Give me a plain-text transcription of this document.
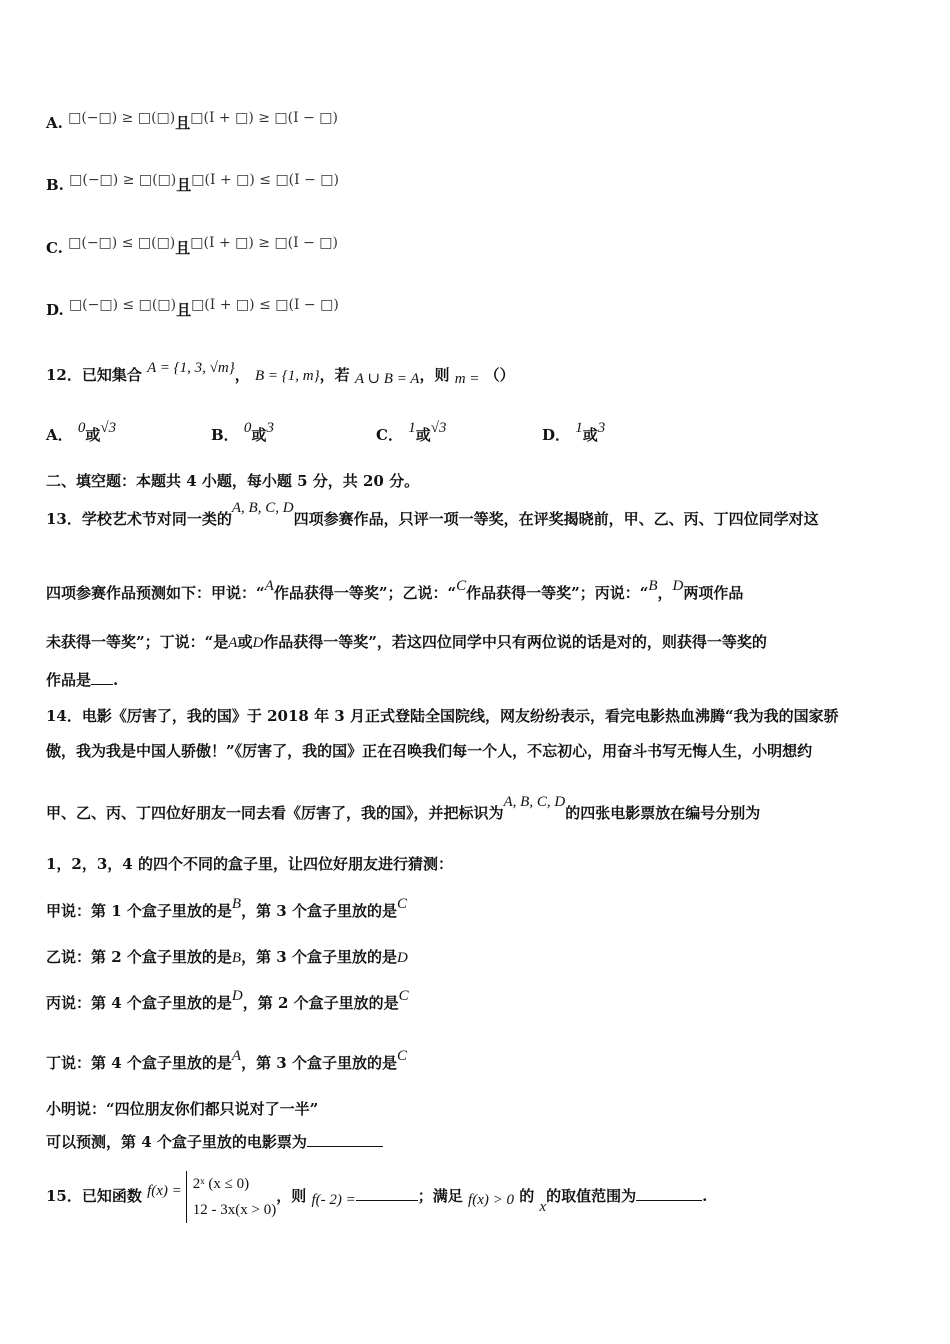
A. □(−□) ≥ □(□)且□(I + □) ≥ □(I − □)
B. □(−□) ≥ □(□)且□(I + □) ≤ □(I − □)
C. □(−□) ≤ □(□)且□(I + □) ≥ □(I − □)
D. □(−□) ≤ □(□)且□(I + □) ≤ □(I − □)
12．已知集合 A = {1, 3, √m}， B = {1, m}，若 A ∪ B = A，则 m = （）
A． 0或√3	B． 0或3	C． 1或√3	D． 1或3
二、填空题：本题共 4 小题，每小题 5 分，共 20 分。
13．学校艺术节对同一类的A, B, C, D四项参赛作品，只评一项一等奖，在评奖揭晓前，甲、乙、丙、丁四位同学对这
四项参赛作品预测如下：甲说：“A作品获得一等奖”；乙说：“C作品获得一等奖”；丙说：“B，D两项作品
未获得一等奖”；丁说：“是A或D作品获得一等奖”，若这四位同学中只有两位说的话是对的，则获得一等奖的
作品是 .
14．电影《厉害了，我的国》于 2018 年 3 月正式登陆全国院线，网友纷纷表示，看完电影热血沸腾“我为我的国家骄
傲，我为我是中国人骄傲！”《厉害了，我的国》正在召唤我们每一个人，不忘初心，用奋斗书写无悔人生，小明想约
甲、乙、丙、丁四位好朋友一同去看《厉害了，我的国》，并把标识为A, B, C, D的四张电影票放在编号分别为
1，2，3，4 的四个不同的盒子里，让四位好朋友进行猜测：
甲说：第 1 个盒子里放的是B，第 3 个盒子里放的是C
乙说：第 2 个盒子里放的是B，第 3 个盒子里放的是D
丙说：第 4 个盒子里放的是D，第 2 个盒子里放的是C
丁说：第 4 个盒子里放的是A，第 3 个盒子里放的是C
小明说：“四位朋友你们都只说对了一半”
可以预测，第 4 个盒子里放的电影票为
15．已知函数 f(x) = 2ˣ (x ≤ 0)
12 - 3x(x > 0)
，则 f(- 2) =	；满足 f(x) > 0 的 x的取值范围为	.
